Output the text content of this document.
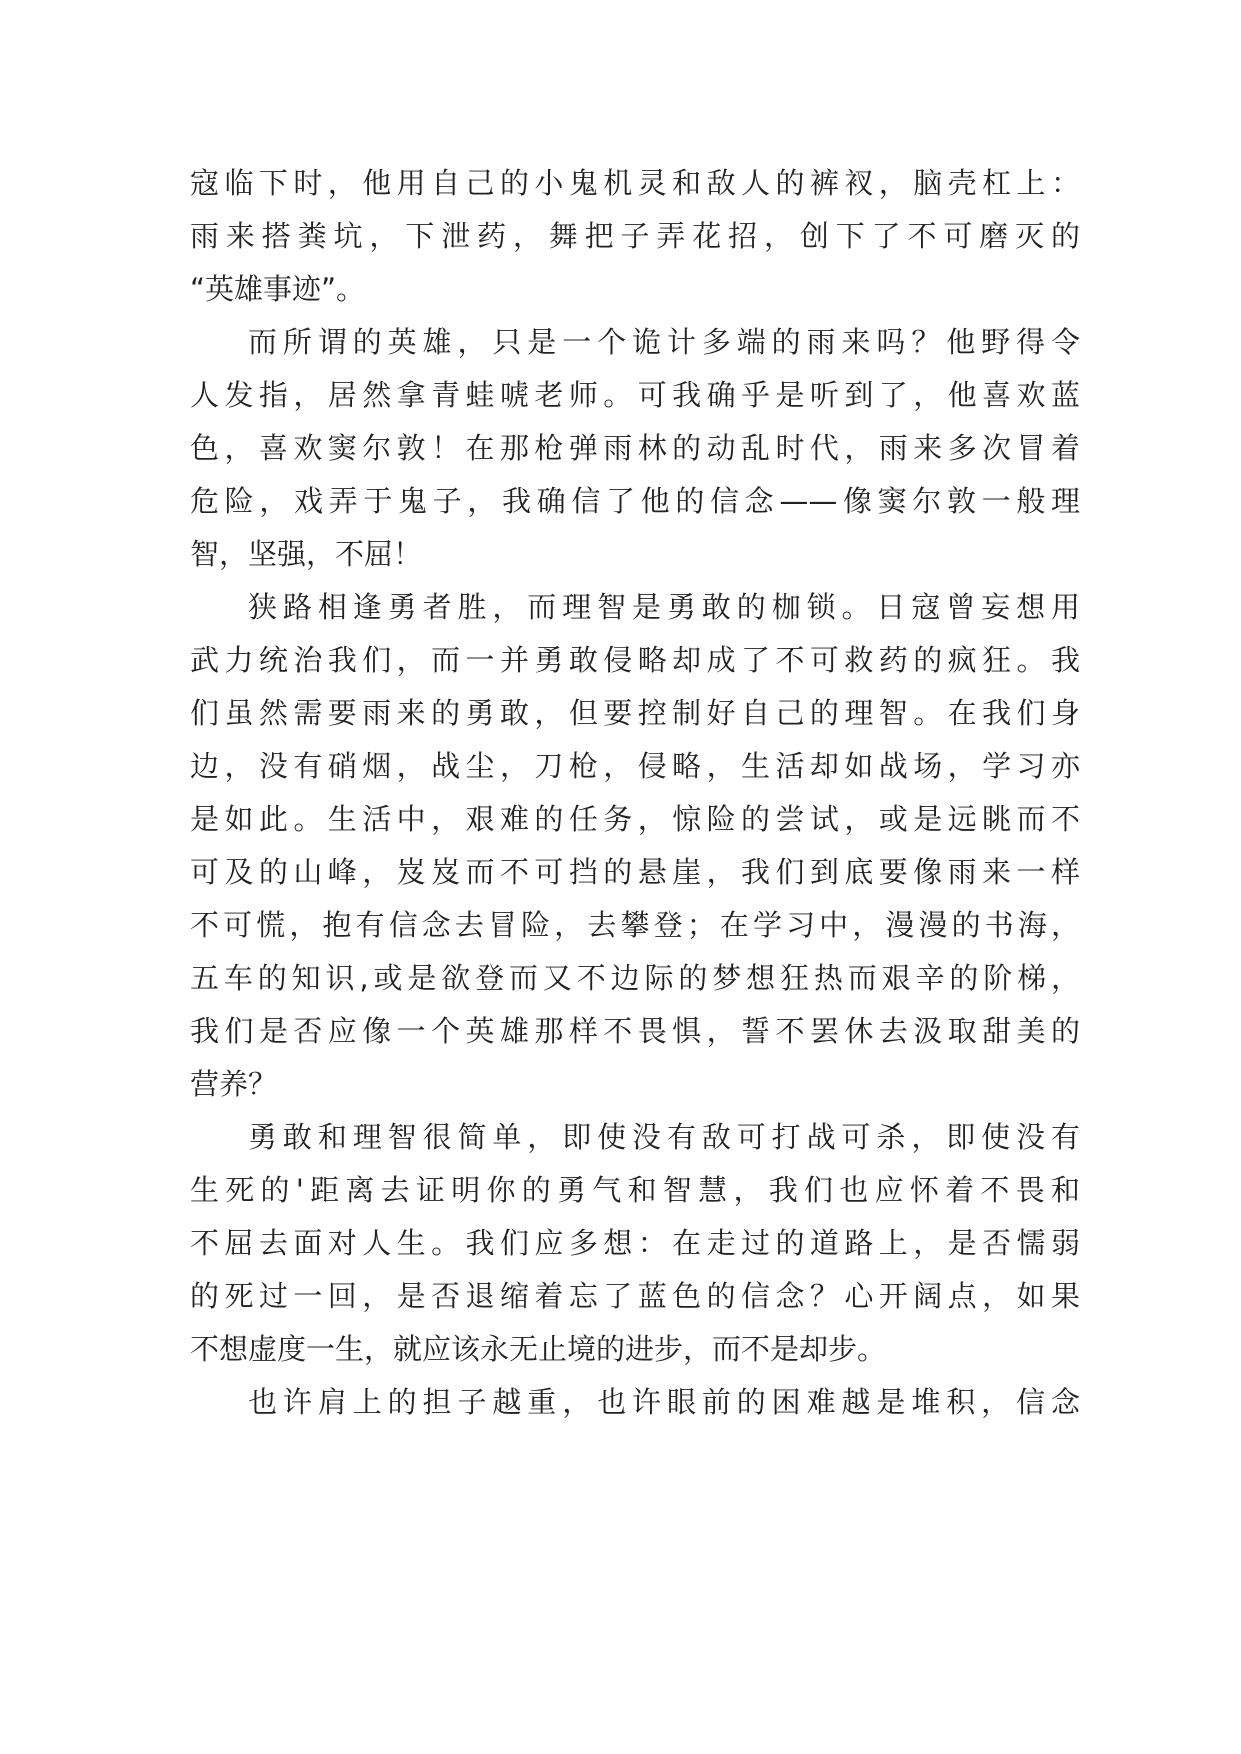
寇临下时，他用自己的小鬼机灵和敌人的裤衩，脑壳杠上：
雨来搭粪坑，下泄药，舞把子弄花招，创下了不可磨灭的
“英雄事迹”。
而所谓的英雄，只是一个诡计多端的雨来吗？他野得令
人发指，居然拿青蛙唬老师。可我确乎是听到了，他喜欢蓝
色，喜欢窦尔敦！在那枪弹雨林的动乱时代，雨来多次冒着
危险，戏弄于鬼子，我确信了他的信念——像窦尔敦一般理
智，坚强，不屈！
狭路相逢勇者胜，而理智是勇敢的枷锁。日寇曾妄想用
武力统治我们，而一并勇敢侵略却成了不可救药的疯狂。我
们虽然需要雨来的勇敢，但要控制好自己的理智。在我们身
边，没有硝烟，战尘，刀枪，侵略，生活却如战场，学习亦
是如此。生活中，艰难的任务，惊险的尝试，或是远眺而不
可及的山峰，岌岌而不可挡的悬崖，我们到底要像雨来一样
不可慌，抱有信念去冒险，去攀登；在学习中，漫漫的书海，
五车的知识,或是欲登而又不边际的梦想狂热而艰辛的阶梯，
我们是否应像一个英雄那样不畏惧，誓不罢休去汲取甜美的
营养？
勇敢和理智很简单，即使没有敌可打战可杀，即使没有
生死的'距离去证明你的勇气和智慧，我们也应怀着不畏和
不屈去面对人生。我们应多想：在走过的道路上，是否懦弱
的死过一回，是否退缩着忘了蓝色的信念？心开阔点，如果
不想虚度一生，就应该永无止境的进步，而不是却步。
也许肩上的担子越重，也许眼前的困难越是堆积，信念
